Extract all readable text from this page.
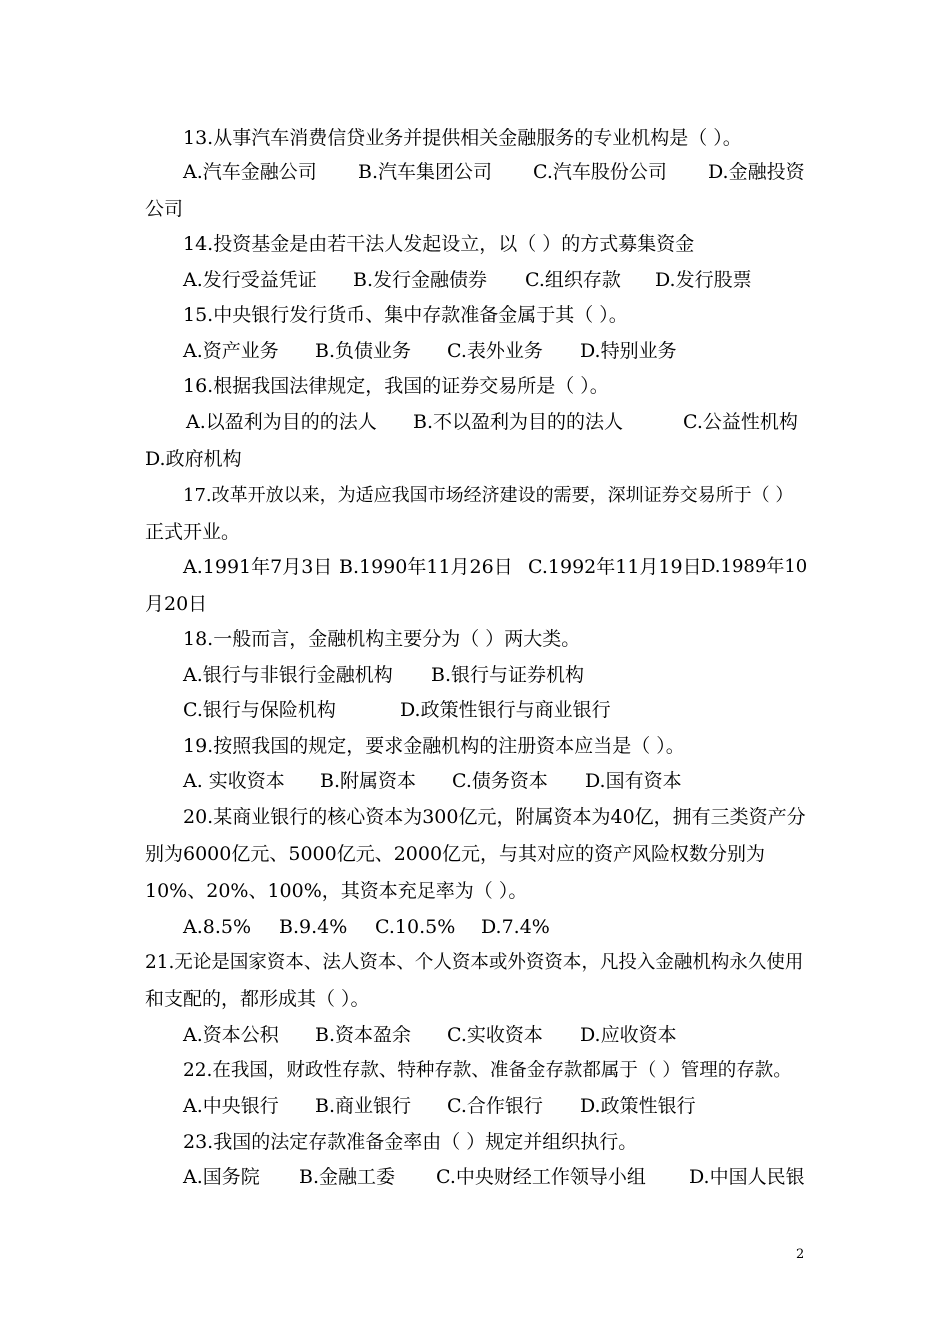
13.从事汽车消费信贷业务并提供相关金融服务的专业机构是（ ）。
A.汽车金融公司 B.汽车集团公司 C.汽车股份公司 D.金融投资
公司
14.投资基金是由若干法人发起设立，以（ ）的方式募集资金
A.发行受益凭证 B.发行金融债券 C.组织存款 D.发行股票
15.中央银行发行货币、集中存款准备金属于其（ ）。
A.资产业务 B.负债业务 C.表外业务 D.特别业务
16.根据我国法律规定，我国的证券交易所是（ ）。
A.以盈利为目的的法人 B.不以盈利为目的的法人	C.公益性机构
D.政府机构
17.改革开放以来，为适应我国市场经济建设的需要，深圳证券交易所于（ ）
正式开业。
A.1991年7月3日 B.1990年11月26日 C.1992年11月19日 D.1989年10
月20日
18.一般而言，金融机构主要分为（ ）两大类。
A.银行与非银行金融机构 B.银行与证券机构
C.银行与保险机构	D.政策性银行与商业银行
19.按照我国的规定，要求金融机构的注册资本应当是（ ）。
A. 实收资本 B.附属资本 C.债务资本 D.国有资本
20.某商业银行的核心资本为300亿元，附属资本为40亿，拥有三类资产分
别为6000亿元、5000亿元、2000亿元，与其对应的资产风险权数分别为
10%、20%、100%，其资本充足率为（ ）。
A.8.5% B.9.4% C.10.5% D.7.4%
21.无论是国家资本、法人资本、个人资本或外资资本，凡投入金融机构永久使用
和支配的，都形成其（ ）。
A.资本公积 B.资本盈余 C.实收资本 D.应收资本
22.在我国，财政性存款、特种存款、准备金存款都属于（ ）管理的存款。
A.中央银行 B.商业银行 C.合作银行 D.政策性银行
23.我国的法定存款准备金率由（ ）规定并组织执行。
A.国务院 B.金融工委 C.中央财经工作领导小组 D.中国人民银
2
